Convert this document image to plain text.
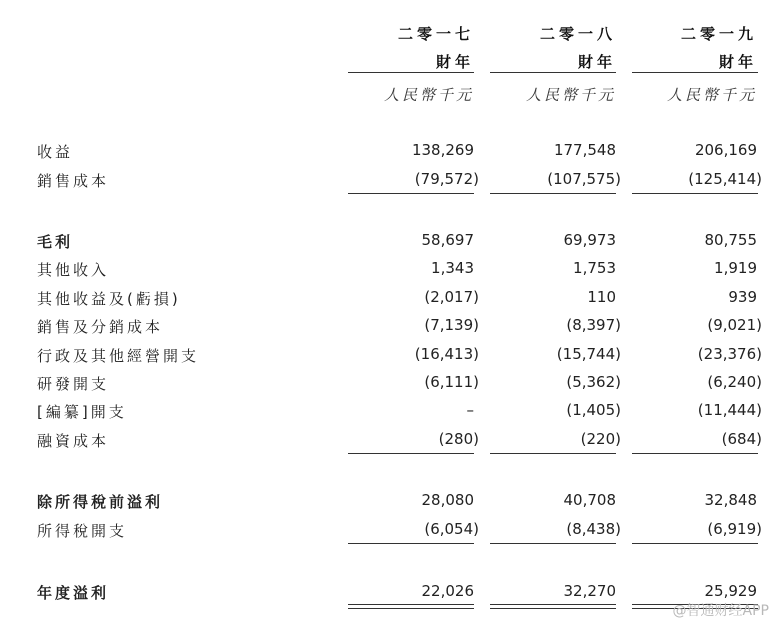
二零一七	二零一八	二零一九
財年	財年	財年
人民幣千元	人民幣千元	人民幣千元
收益	138,269	177,548	206,169
銷售成本	(79,572)	(107,575)	(125,414)
毛利	58,697	69,973	80,755
其他收入	1,343	1,753	1,919
其他收益及(虧損)	(2,017)	110	939
銷售及分銷成本	(7,139)	(8,397)	(9,021)
行政及其他經營開支	(16,413)	(15,744)	(23,376)
研發開支	(6,111)	(5,362)	(6,240)
[編纂]開支	–	(1,405)	(11,444)
融資成本	(280)	(220)	(684)
除所得稅前溢利	28,080	40,708	32,848
所得稅開支	(6,054)	(8,438)	(6,919)
年度溢利	22,026	32,270	25,929
@智通财经APP
